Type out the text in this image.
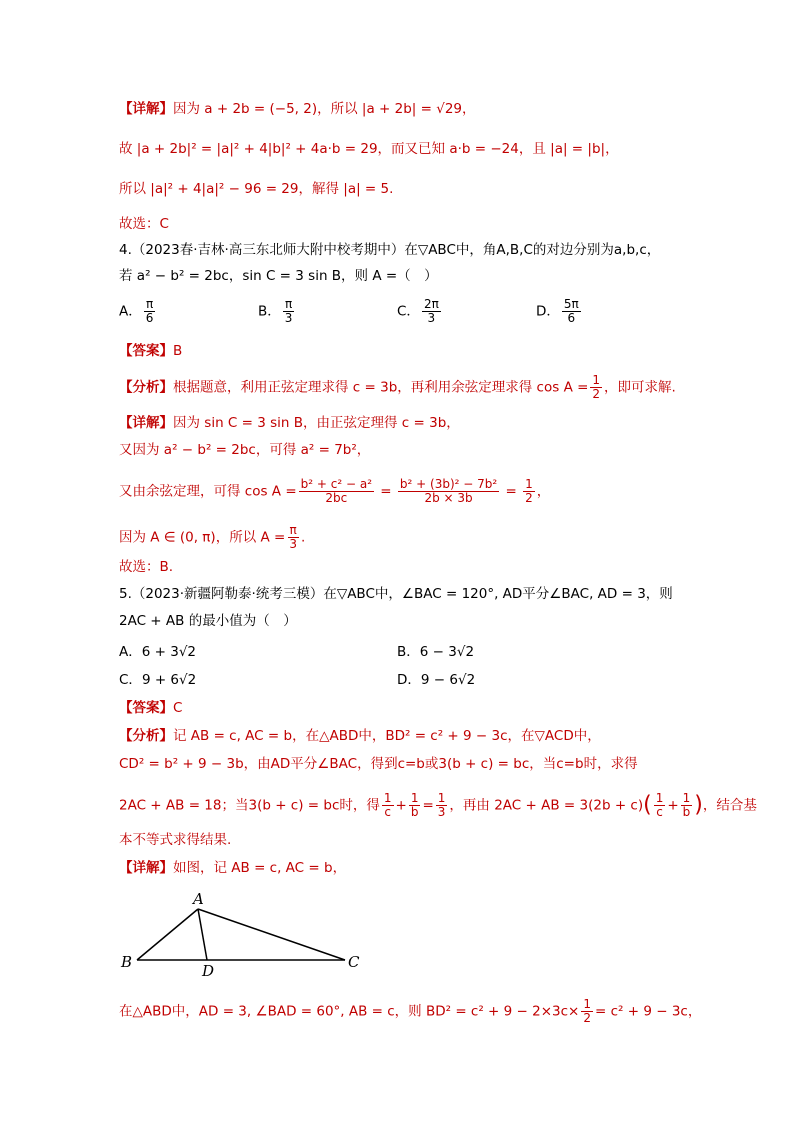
【详解】因为 a + 2b = (−5, 2)，所以 |a + 2b| = √29，
故 |a + 2b|² = |a|² + 4|b|² + 4a·b = 29，而又已知 a·b = −24，且 |a| = |b|，
所以 |a|² + 4|a|² − 96 = 29，解得 |a| = 5.
故选：C
4.（2023春·吉林·高三东北师大附中校考期中）在▽ABC中，角A,B,C的对边分别为a,b,c，
若 a² − b² = 2bc，sin C = 3 sin B，则 A =（　）
A． $\frac{\pi}{6}$	B． $\frac{\pi}{3}$	C． $\frac{2\pi}{3}$	D． $\frac{5\pi}{6}$
【答案】B
【分析】根据题意，利用正弦定理求得 c = 3b，再利用余弦定理求得 $\cos A = \frac{1}{2}$ ，即可求解.
【详解】因为 sin C = 3 sin B，由正弦定理得 c = 3b，
又因为 a² − b² = 2bc，可得 a² = 7b²，
又由余弦定理，可得 $\cos A = \frac{\text{b² + c² − a²}}{2bc} = \frac{\text{b² + (3b)² − 7b²}}{2b \times 3b} = \frac{1}{2}$ ，
因为 A ∈ (0, π)，所以 $A = \frac{\pi}{3}$ .
故选：B.
5.（2023·新疆阿勒泰·统考三模）在▽ABC中，∠BAC = 120°, AD平分∠BAC, AD = 3，则
2AC + AB 的最小值为（　）
A．6 + 3√2	B．6 − 3√2
C．9 + 6√2	D．9 − 6√2
【答案】C
【分析】记 AB = c, AC = b，在△ABD中，BD² = c² + 9 − 3c，在▽ACD中，
CD² = b² + 9 − 3b，由AD平分∠BAC，得到c=b或3(b + c) = bc，当c=b时，求得
2AC + AB = 18；当3(b + c) = bc时，得 $\frac{1}{c} + \frac{1}{b} = \frac{1}{3}$ ，再由 2AC + AB = $3(2b + c)( \frac{1}{c} + \frac{1}{b}$ )，结合基
本不等式求得结果.
【详解】如图，记 AB = c, AC = b，
A
B	C
D
在△ABD中，AD = 3, ∠BAD = 60°, AB = c，则 $BD^2 = c^2 + 9 - 2\times 3c\times \frac{1}{2} = c^2 + 9 - 3c$，
